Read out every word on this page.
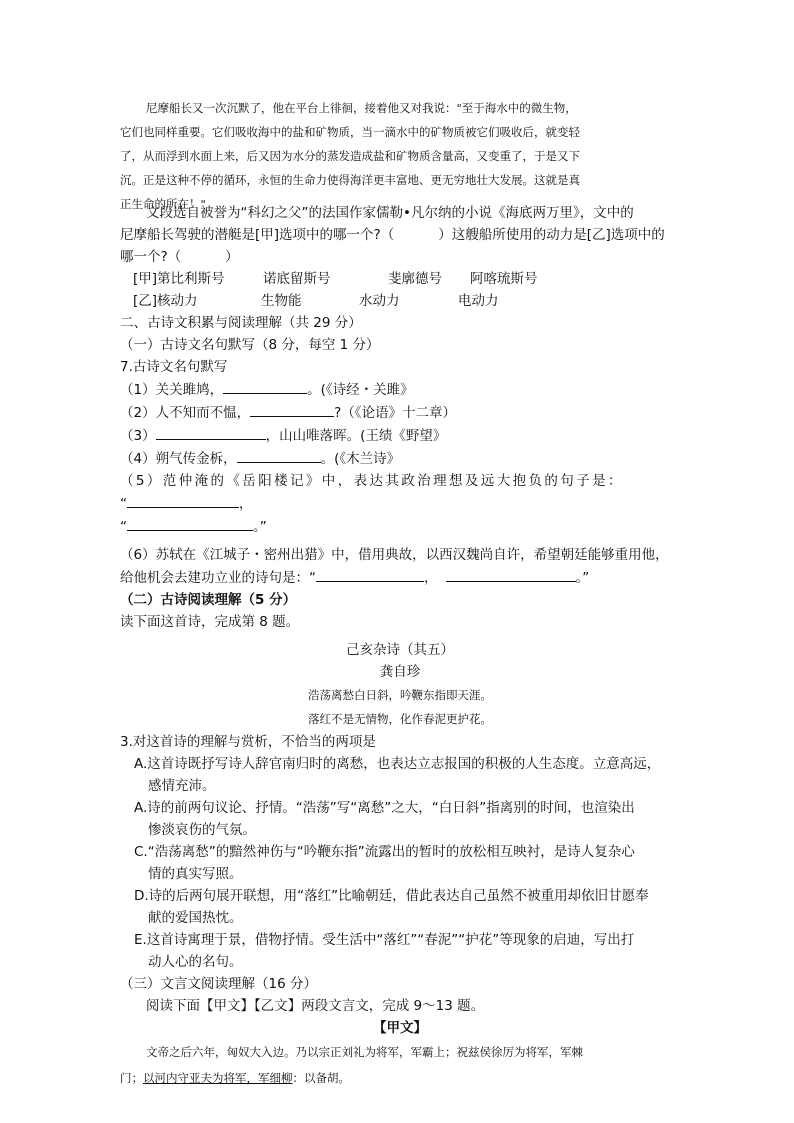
尼摩船长又一次沉默了，他在平台上徘徊，接着他又对我说："至于海水中的微生物，
它们也同样重要。它们吸收海中的盐和矿物质，当一滴水中的矿物质被它们吸收后，就变轻
了，从而浮到水面上来，后又因为水分的蒸发造成盐和矿物质含量高，又变重了，于是又下
沉。正是这种不停的循环，永恒的生命力使得海洋更丰富地、更无穷地壮大发展。这就是真
正生命的所在！"
文段选自被誉为“科幻之父”的法国作家儒勒•凡尔纳的小说《海底两万里》，文中的
尼摩船长驾驶的潜艇是[甲]选项中的哪一个?（	）这艘船所使用的动力是[乙]选项中的
哪一个?（	）
[甲]第比利斯号	诺底留斯号	斐廓德号	阿喀琉斯号
[乙]核动力	生物能	水动力	电动力
二、古诗文积累与阅读理解（共 29 分）
（一）古诗文名句默写（8 分，每空 1 分）
7.古诗文名句默写
（1）关关雎鸠，	。(《诗经・关雎》
（2）人不知而不愠，	?（《论语》十二章）
（3）	，山山唯落晖。(王绩《野望》
（4）朔气传金柝，	。(《木兰诗》
（5）范仲淹的《岳阳楼记》中，表达其政治理想及远大抱负的句子是：
“	，
“	。”
（6）苏轼在《江城子・密州出猎》中，借用典故，以西汉魏尚自许，希望朝廷能够重用他，
给他机会去建功立业的诗句是：“	，	。”
（二）古诗阅读理解（5 分）
读下面这首诗，完成第 8 题。
己亥杂诗（其五）
龚自珍
浩荡离愁白日斜，吟鞭东指即天涯。
落红不是无情物，化作春泥更护花。
3.对这首诗的理解与赏析，不恰当的两项是
A.这首诗既抒写诗人辞官南归时的离愁，也表达立志报国的积极的人生态度。立意高远，
感情充沛。
A.诗的前两句议论、抒情。“浩荡”写“离愁”之大，“白日斜”指离别的时间，也渲染出
惨淡哀伤的气氛。
C.“浩荡离愁”的黯然神伤与“吟鞭东指”流露出的暂时的放松相互映衬，是诗人复杂心
情的真实写照。
D.诗的后两句展开联想，用“落红”比喻朝廷，借此表达自己虽然不被重用却依旧甘愿奉
献的爱国热忱。
E.这首诗寓理于景，借物抒情。受生活中“落红”“春泥”“护花”等现象的启迪，写出打
动人心的名句。
（三）文言文阅读理解（16 分）
阅读下面【甲文】【乙文】两段文言文，完成 9～13 题。
【甲文】
文帝之后六年，匈奴大入边。乃以宗正刘礼为将军，军霸上；祝兹侯徐厉为将军，军棘
门；以河内守亚夫为将军，军细柳：以备胡。
